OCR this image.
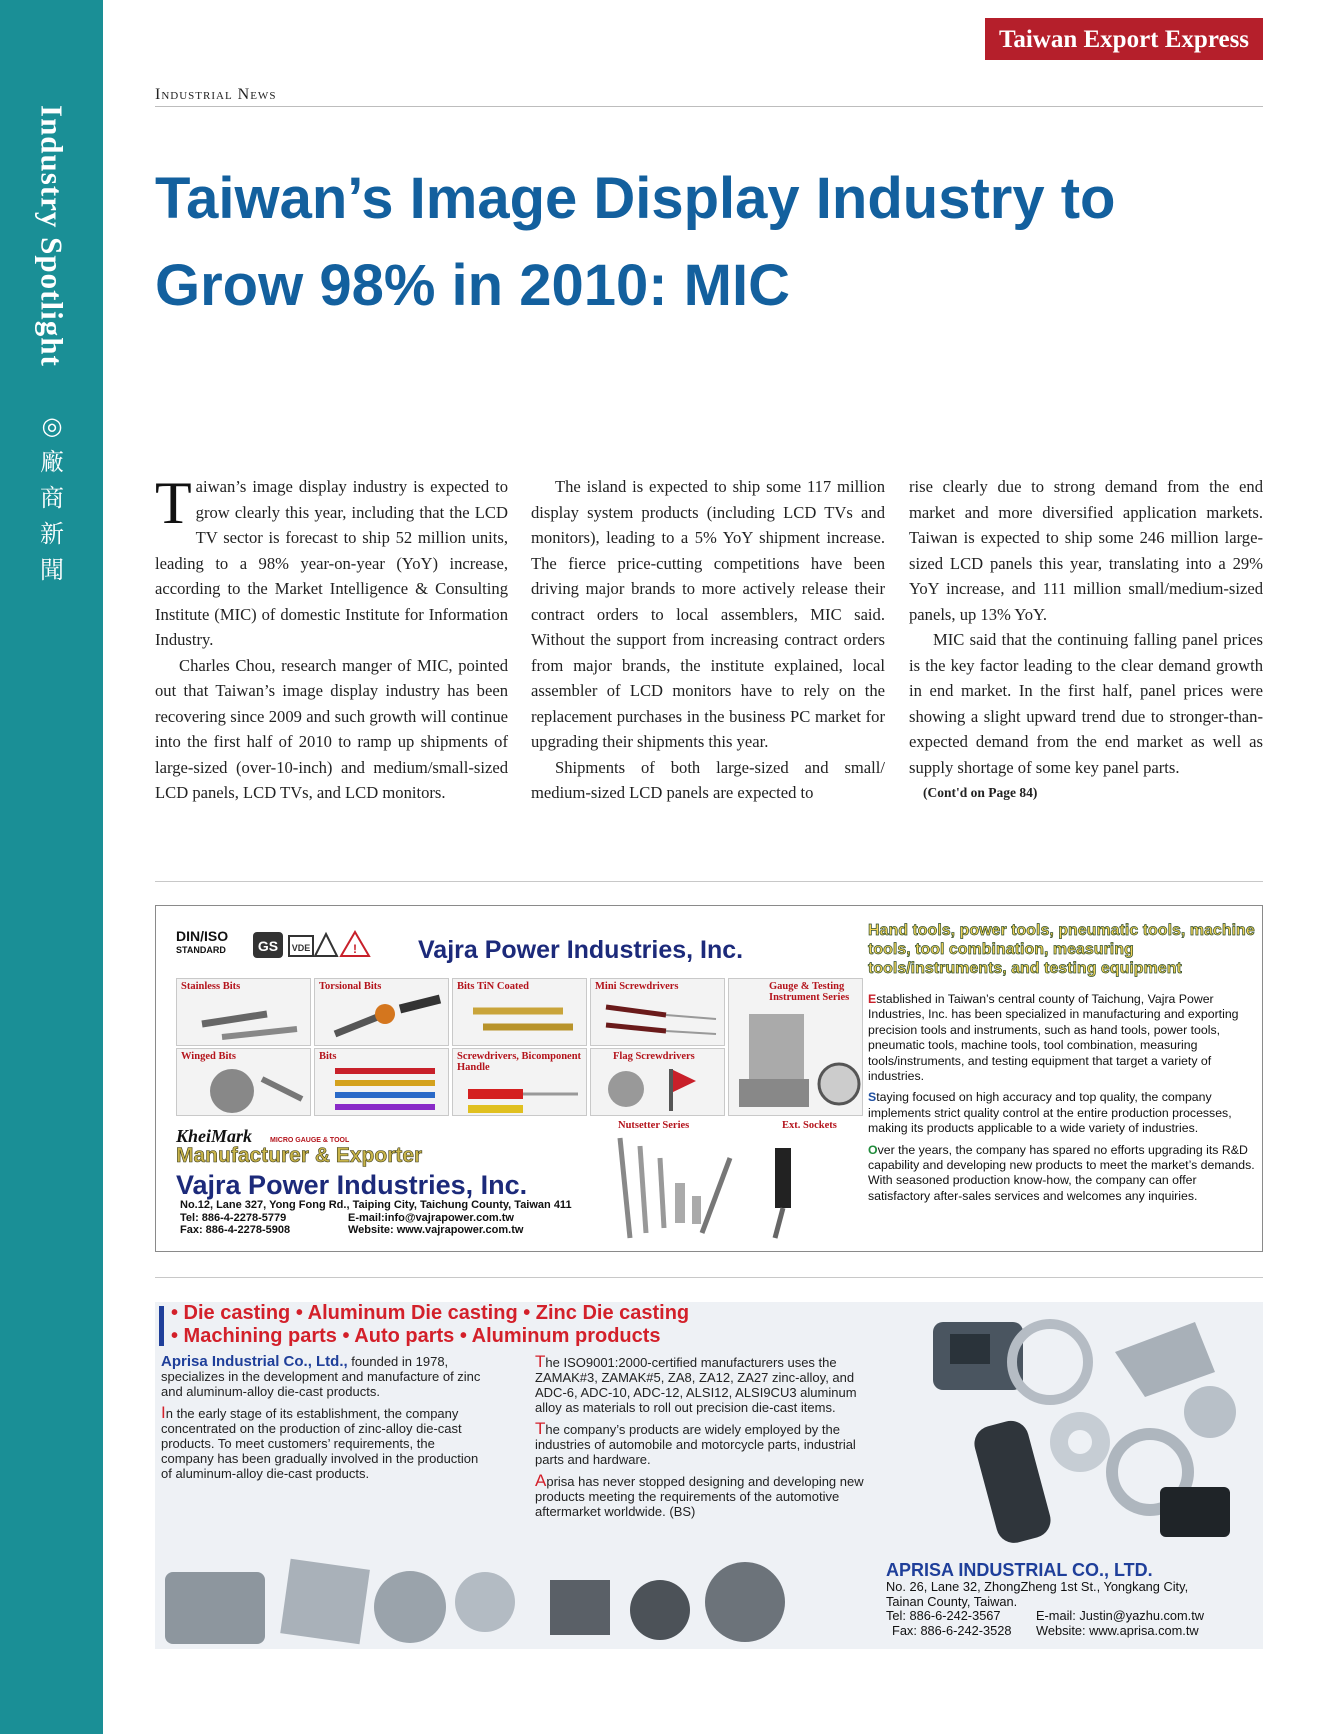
Industry Spotlight
◎
廠
商
新
聞
Taiwan Export Express
Industrial News
Taiwan’s Image Display Industry to Grow 98% in 2010: MIC

Taiwan’s image display industry is expected to grow clearly this year, including that the LCD TV sector is forecast to ship 52 million units, leading to a 98% year-on-year (YoY) increase, according to the Market Intelligence & Consulting Institute (MIC) of domestic Institute for Information Industry.

Charles Chou, research manger of MIC, pointed out that Taiwan’s image display industry has been recovering since 2009 and such growth will continue into the first half of 2010 to ramp up shipments of large-sized (over-10-inch) and medium/small-sized LCD panels, LCD TVs, and LCD monitors.

The island is expected to ship some 117 million display system products (including LCD TVs and monitors), leading to a 5% YoY shipment increase. The fierce price-cutting competitions have been driving major brands to more actively release their contract orders to local assemblers, MIC said. Without the support from increasing contract orders from major brands, the institute explained, local assembler of LCD monitors have to rely on the replacement purchases in the business PC market for upgrading their shipments this year.

Shipments of both large-sized and small/ medium-sized LCD panels are expected to

rise clearly due to strong demand from the end market and more diversified application markets. Taiwan is expected to ship some 246 million large-sized LCD panels this year, translating into a 29% YoY increase, and 111 million small/medium-sized panels, up 13% YoY.

MIC said that the continuing falling panel prices is the key factor leading to the clear demand growth in end market. In the first half, panel prices were showing a slight upward trend due to stronger-than-expected demand from the end market as well as supply shortage of some key panel parts.

(Cont'd on Page 84)
DIN/ISO
STANDARD GS VDE	! Vajra Power Industries, Inc.
Stainless Bits	Torsional Bits	Bits TiN Coated	Mini Screwdrivers	Gauge & Testing Instrument Series
Winged Bits	Bits	Screwdrivers, Bicomponent Handle
Flag Screwdrivers
Nutsetter Series	Ext. Sockets
KheiMark	MICRO GAUGE & TOOL
Manufacturer & Exporter
Vajra Power Industries, Inc.
No.12, Lane 327, Yong Fong Rd., Taiping City, Taichung County, Taiwan 411
Tel: 886-4-2278-5779	E-mail:info@vajrapower.com.tw
Fax: 886-4-2278-5908	Website: www.vajrapower.com.tw
Hand tools, power tools, pneumatic tools, machine tools, tool combination, measuring tools/instruments, and testing equipment

Established in Taiwan’s central county of Taichung, Vajra Power Industries, Inc. has been specialized in manufacturing and exporting precision tools and instruments, such as hand tools, power tools, pneumatic tools, machine tools, tool combination, measuring tools/instruments, and testing equipment that target a variety of industries.

Staying focused on high accuracy and top quality, the company implements strict quality control at the entire production processes, making its products applicable to a wide variety of industries.

Over the years, the company has spared no efforts upgrading its R&D capability and developing new products to meet the market’s demands. With seasoned production know-how, the company can offer satisfactory after-sales services and welcomes any inquiries.

• Die casting • Aluminum Die casting • Zinc Die casting
• Machining parts • Auto parts • Aluminum products

Aprisa Industrial Co., Ltd., founded in 1978, specializes in the development and manufacture of zinc and aluminum-alloy die-cast products.

In the early stage of its establishment, the company concentrated on the production of zinc-alloy die-cast products. To meet customers’ requirements, the company has been gradually involved in the production of aluminum-alloy die-cast products.

The ISO9001:2000-certified manufacturers uses the ZAMAK#3, ZAMAK#5, ZA8, ZA12, ZA27 zinc-alloy, and ADC-6, ADC-10, ADC-12, ALSI12, ALSI9CU3 aluminum alloy as materials to roll out precision die-cast items.

The company’s products are widely employed by the industries of automobile and motorcycle parts, industrial parts and hardware.

Aprisa has never stopped designing and developing new products meeting the requirements of the automotive aftermarket worldwide. (BS)

APRISA INDUSTRIAL CO., LTD.
No. 26, Lane 32, ZhongZheng 1st St., Yongkang City,
Tainan County, Taiwan.
Tel: 886-6-242-3567	E-mail: Justin@yazhu.com.tw
Fax: 886-6-242-3528 Website: www.aprisa.com.tw
